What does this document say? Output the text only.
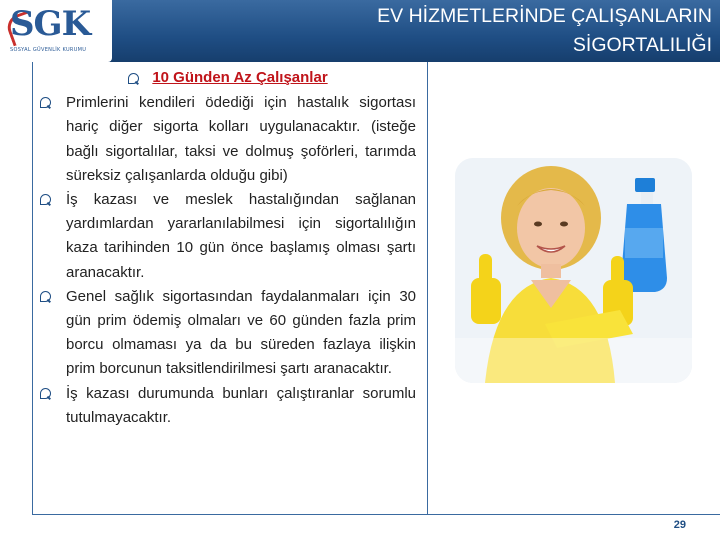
SGK
SOSYAL GÜVENLİK KURUMU
EV HİZMETLERİNDE ÇALIŞANLARIN
SİGORTALILIĞI
10 Günden Az Çalışanlar
Primlerini kendileri ödediği için hastalık sigortası hariç diğer sigorta kolları uygulanacaktır. (isteğe bağlı sigortalılar, taksi ve dolmuş şoförleri, tarımda süreksiz çalışanlarda olduğu gibi)
İş kazası ve meslek hastalığından sağlanan yardımlardan yararlanılabilmesi için sigortalılığın kaza tarihinden 10 gün önce başlamış olması şartı aranacaktır.
Genel sağlık sigortasından faydalanmaları için 30 gün prim ödemiş olmaları ve 60 günden fazla prim borcu olmaması ya da bu süreden fazlaya ilişkin prim borcunun taksitlendirilmesi şartı aranacaktır.
İş kazası durumunda bunları çalıştıranlar sorumlu tutulmayacaktır.
29
